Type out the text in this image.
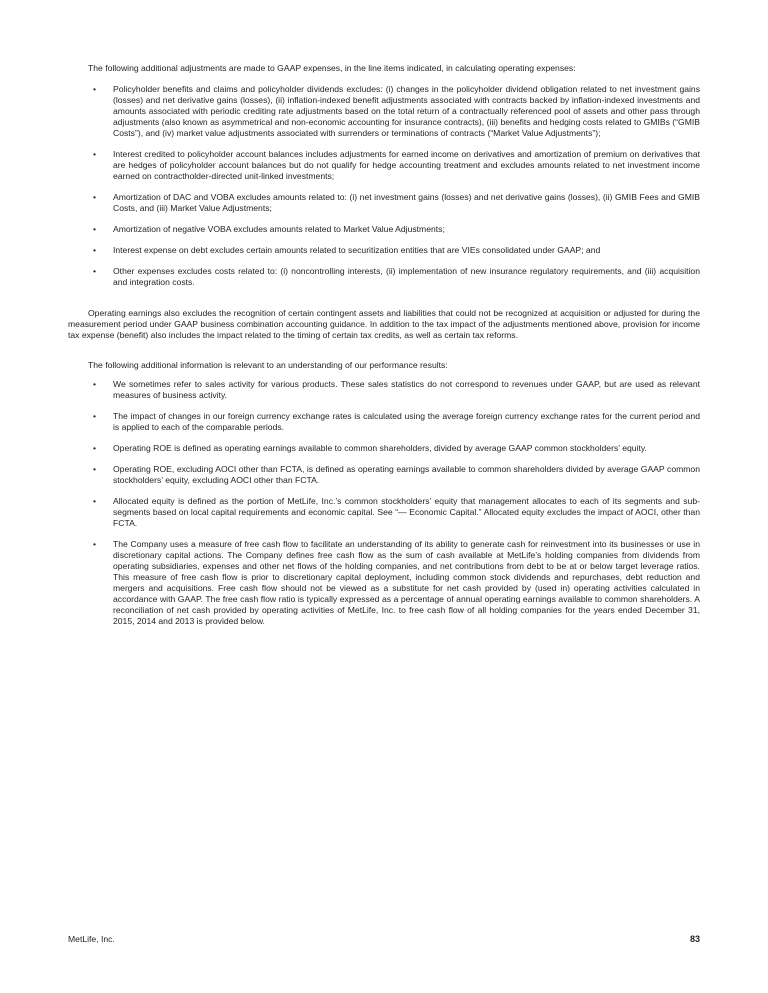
The following additional adjustments are made to GAAP expenses, in the line items indicated, in calculating operating expenses:

•
Policyholder benefits and claims and policyholder dividends excludes: (i) changes in the policyholder dividend obligation related to net investment gains (losses) and net derivative gains (losses), (ii) inflation-indexed benefit adjustments associated with contracts backed by inflation-indexed investments and amounts associated with periodic crediting rate adjustments based on the total return of a contractually referenced pool of assets and other pass through adjustments (also known as asymmetrical and non-economic accounting for insurance contracts), (iii) benefits and hedging costs related to GMIBs (“GMIB Costs”), and (iv) market value adjustments associated with surrenders or terminations of contracts (“Market Value Adjustments”);
•
Interest credited to policyholder account balances includes adjustments for earned income on derivatives and amortization of premium on derivatives that are hedges of policyholder account balances but do not qualify for hedge accounting treatment and excludes amounts related to net investment income earned on contractholder-directed unit-linked investments;
•
Amortization of DAC and VOBA excludes amounts related to: (i) net investment gains (losses) and net derivative gains (losses), (ii) GMIB Fees and GMIB Costs, and (iii) Market Value Adjustments;
•
Amortization of negative VOBA excludes amounts related to Market Value Adjustments;
•
Interest expense on debt excludes certain amounts related to securitization entities that are VIEs consolidated under GAAP; and
•
Other expenses excludes costs related to: (i) noncontrolling interests, (ii) implementation of new insurance regulatory requirements, and (iii) acquisition and integration costs.

Operating earnings also excludes the recognition of certain contingent assets and liabilities that could not be recognized at acquisition or adjusted for during the measurement period under GAAP business combination accounting guidance. In addition to the tax impact of the adjustments mentioned above, provision for income tax expense (benefit) also includes the impact related to the timing of certain tax credits, as well as certain tax reforms.

The following additional information is relevant to an understanding of our performance results:

•
We sometimes refer to sales activity for various products. These sales statistics do not correspond to revenues under GAAP, but are used as relevant measures of business activity.
•
The impact of changes in our foreign currency exchange rates is calculated using the average foreign currency exchange rates for the current period and is applied to each of the comparable periods.
•
Operating ROE is defined as operating earnings available to common shareholders, divided by average GAAP common stockholders’ equity.
•
Operating ROE, excluding AOCI other than FCTA, is defined as operating earnings available to common shareholders divided by average GAAP common stockholders’ equity, excluding AOCI other than FCTA.
•
Allocated equity is defined as the portion of MetLife, Inc.’s common stockholders’ equity that management allocates to each of its segments and sub-segments based on local capital requirements and economic capital. See “— Economic Capital.” Allocated equity excludes the impact of AOCI, other than FCTA.
•
The Company uses a measure of free cash flow to facilitate an understanding of its ability to generate cash for reinvestment into its businesses or use in discretionary capital actions. The Company defines free cash flow as the sum of cash available at MetLife’s holding companies from dividends from operating subsidiaries, expenses and other net flows of the holding companies, and net contributions from debt to be at or below target leverage ratios. This measure of free cash flow is prior to discretionary capital deployment, including common stock dividends and repurchases, debt reduction and mergers and acquisitions. Free cash flow should not be viewed as a substitute for net cash provided by (used in) operating activities calculated in accordance with GAAP. The free cash flow ratio is typically expressed as a percentage of annual operating earnings available to common shareholders. A reconciliation of net cash provided by operating activities of MetLife, Inc. to free cash flow of all holding companies for the years ended December 31, 2015, 2014 and 2013 is provided below.
MetLife, Inc.	83
